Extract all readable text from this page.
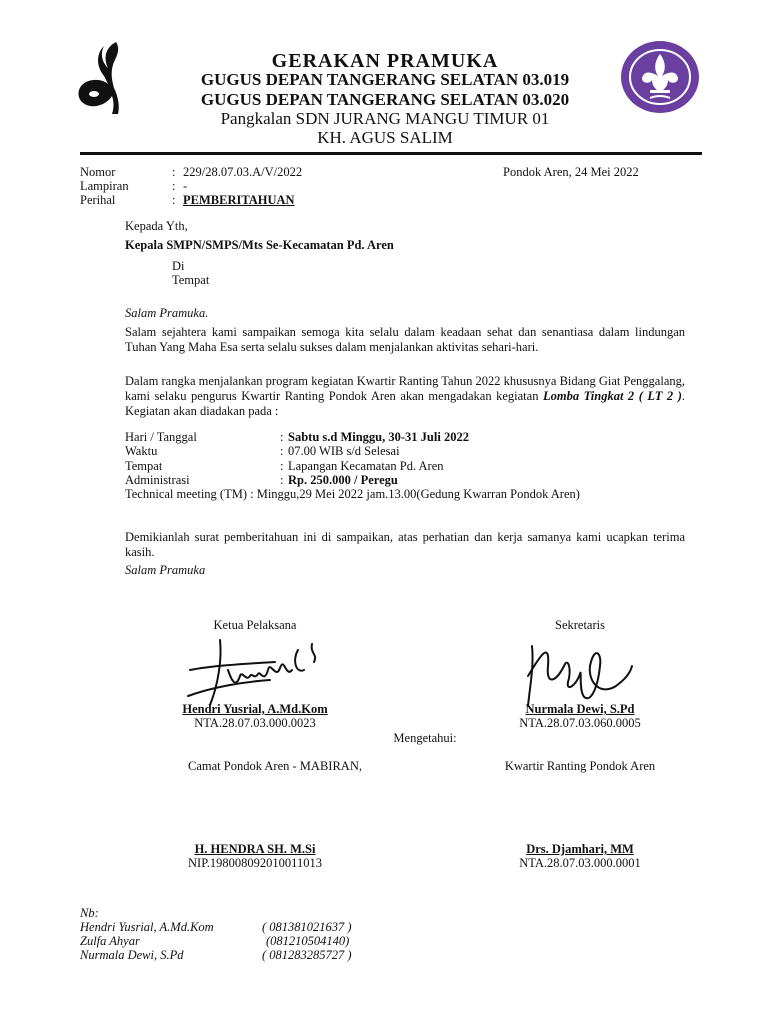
GERAKAN PRAMUKA
GUGUS DEPAN TANGERANG SELATAN 03.019
GUGUS DEPAN TANGERANG SELATAN 03.020
Pangkalan SDN JURANG MANGU TIMUR 01
KH. AGUS SALIM
Nomor	: 229/28.07.03.A/V/2022	Pondok Aren, 24 Mei 2022
Lampiran	: -
Perihal	: PEMBERITAHUAN
Kepada Yth,
Kepala SMPN/SMPS/Mts Se-Kecamatan Pd. Aren
Di
Tempat
Salam Pramuka.
Salam sejahtera kami sampaikan semoga kita selalu dalam keadaan sehat dan senantiasa dalam lindungan Tuhan Yang Maha Esa serta selalu sukses dalam menjalankan aktivitas sehari-hari.
Dalam rangka menjalankan program kegiatan Kwartir Ranting Tahun 2022 khususnya Bidang Giat Penggalang, kami selaku pengurus Kwartir Ranting Pondok Aren akan mengadakan kegiatan Lomba Tingkat 2 ( LT 2 ). Kegiatan akan diadakan pada :
Hari / Tanggal	: Sabtu s.d Minggu, 30-31 Juli 2022
Waktu	: 07.00 WIB s/d Selesai
Tempat	: Lapangan Kecamatan Pd. Aren
Administrasi	: Rp. 250.000 / Peregu
Technical meeting (TM) : Minggu,29 Mei 2022 jam.13.00(Gedung Kwarran Pondok Aren)
Demikianlah surat pemberitahuan ini di sampaikan, atas perhatian dan kerja samanya kami ucapkan terima kasih.
Salam Pramuka
Ketua Pelaksana
Hendri Yusrial, A.Md.Kom
NTA.28.07.03.000.0023
Sekretaris
Nurmala Dewi, S.Pd
NTA.28.07.03.060.0005
Mengetahui:
Camat Pondok Aren - MABIRAN,
H. HENDRA SH. M.Si
NIP.198008092010011013
Kwartir Ranting Pondok Aren
Drs. Djamhari, MM
NTA.28.07.03.000.0001
Nb:
Hendri Yusrial, A.Md.Kom	( 081381021637 )
Zulfa Ahyar	(081210504140)
Nurmala Dewi, S.Pd	( 081283285727 )
